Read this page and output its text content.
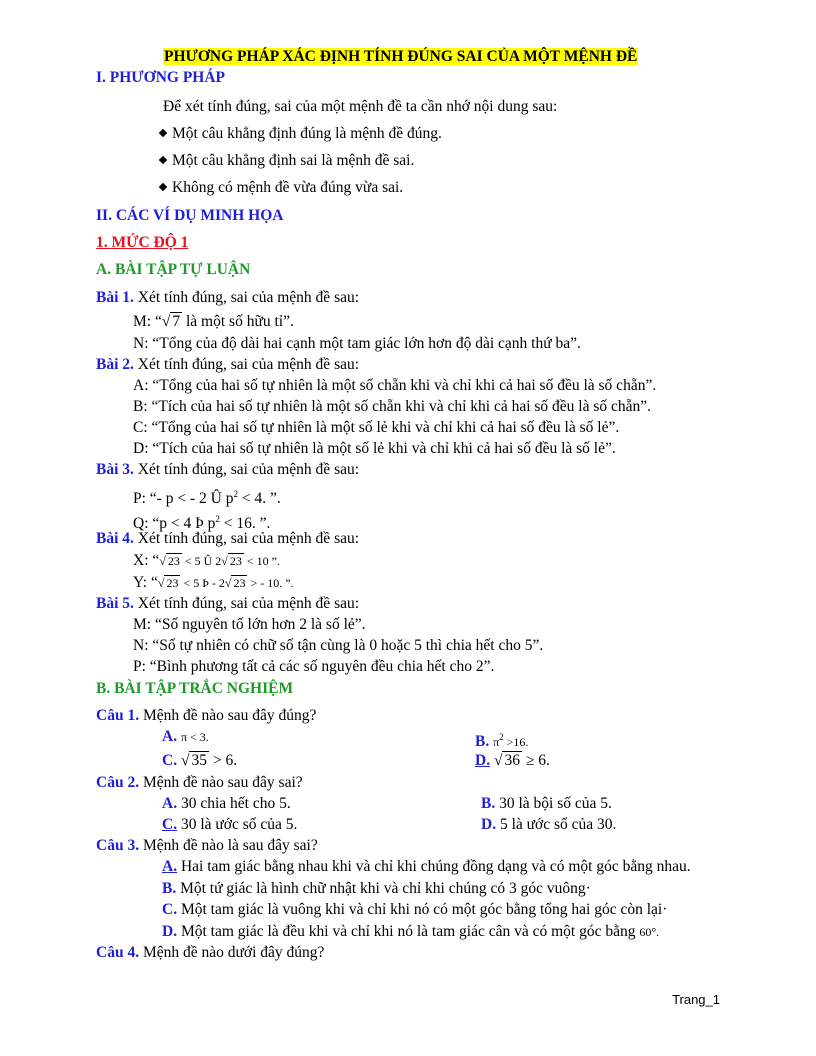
PHƯƠNG PHÁP XÁC ĐỊNH TÍNH ĐÚNG SAI CỦA MỘT MỆNH ĐỀ
I. PHƯƠNG PHÁP
Để xét tính đúng, sai của một mệnh đề ta cần nhớ nội dung sau:
Một câu khẳng định đúng là mệnh đề đúng.
Một câu khẳng định sai là mệnh đề sai.
Không có mệnh đề vừa đúng vừa sai.
II. CÁC VÍ DỤ MINH HỌA
1. MỨC ĐỘ 1
A. BÀI TẬP TỰ LUẬN
Bài 1. Xét tính đúng, sai của mệnh đề sau:
M: “√ 7 là một số hữu tỉ”.
N: “Tổng của độ dài hai cạnh một tam giác lớn hơn độ dài cạnh thứ ba”.
Bài 2. Xét tính đúng, sai của mệnh đề sau:
A: “Tổng của hai số tự nhiên là một số chẵn khi và chỉ khi cả hai số đều là số chẵn”.
B: “Tích của hai số tự nhiên là một số chẵn khi và chỉ khi cả hai số đều là số chẵn”.
C: “Tổng của hai số tự nhiên là một số lẻ khi và chỉ khi cả hai số đều là số lẻ”.
D: “Tích của hai số tự nhiên là một số lẻ khi và chỉ khi cả hai số đều là số lẻ”.
Bài 3. Xét tính đúng, sai của mệnh đề sau:
P: “- p < - 2 Û $p^2 < 4$. ”.
Q: “p < 4 Þ $p^2 < 16$. ”.
Bài 4. Xét tính đúng, sai của mệnh đề sau:
X: “√ 23 < 5 Û 2√ 23 < 10 ”.
Y: “√ 23 < 5 Þ - 2√ 23 > - 10. ”.
Bài 5. Xét tính đúng, sai của mệnh đề sau:
M: “Số nguyên tố lớn hơn 2 là số lẻ”.
N: “Số tự nhiên có chữ số tận cùng là 0 hoặc 5 thì chia hết cho 5”.
P: “Bình phương tất cả các số nguyên đều chia hết cho 2”.
B. BÀI TẬP TRẮC NGHIỆM
Câu 1. Mệnh đề nào sau đây đúng?
A. π < 3.	B. $\pi^2 >16$.
C. √ 35 > 6.	D. √ 36 ≥ 6.
Câu 2. Mệnh đề nào sau đây sai?
A. 30 chia hết cho 5.	B. 30 là bội số của 5.
C. 30 là ước số của 5.	D. 5 là ước số của 30.
Câu 3. Mệnh đề nào là sau đây sai?
A. Hai tam giác bằng nhau khi và chỉ khi chúng đồng dạng và có một góc bằng nhau.
B. Một tứ giác là hình chữ nhật khi và chỉ khi chúng có 3 góc vuông·
C. Một tam giác là vuông khi và chỉ khi nó có một góc bằng tổng hai góc còn lại·
D. Một tam giác là đều khi và chỉ khi nó là tam giác cân và có một góc bằng 60°.
Câu 4. Mệnh đề nào dưới đây đúng?
Trang_1
